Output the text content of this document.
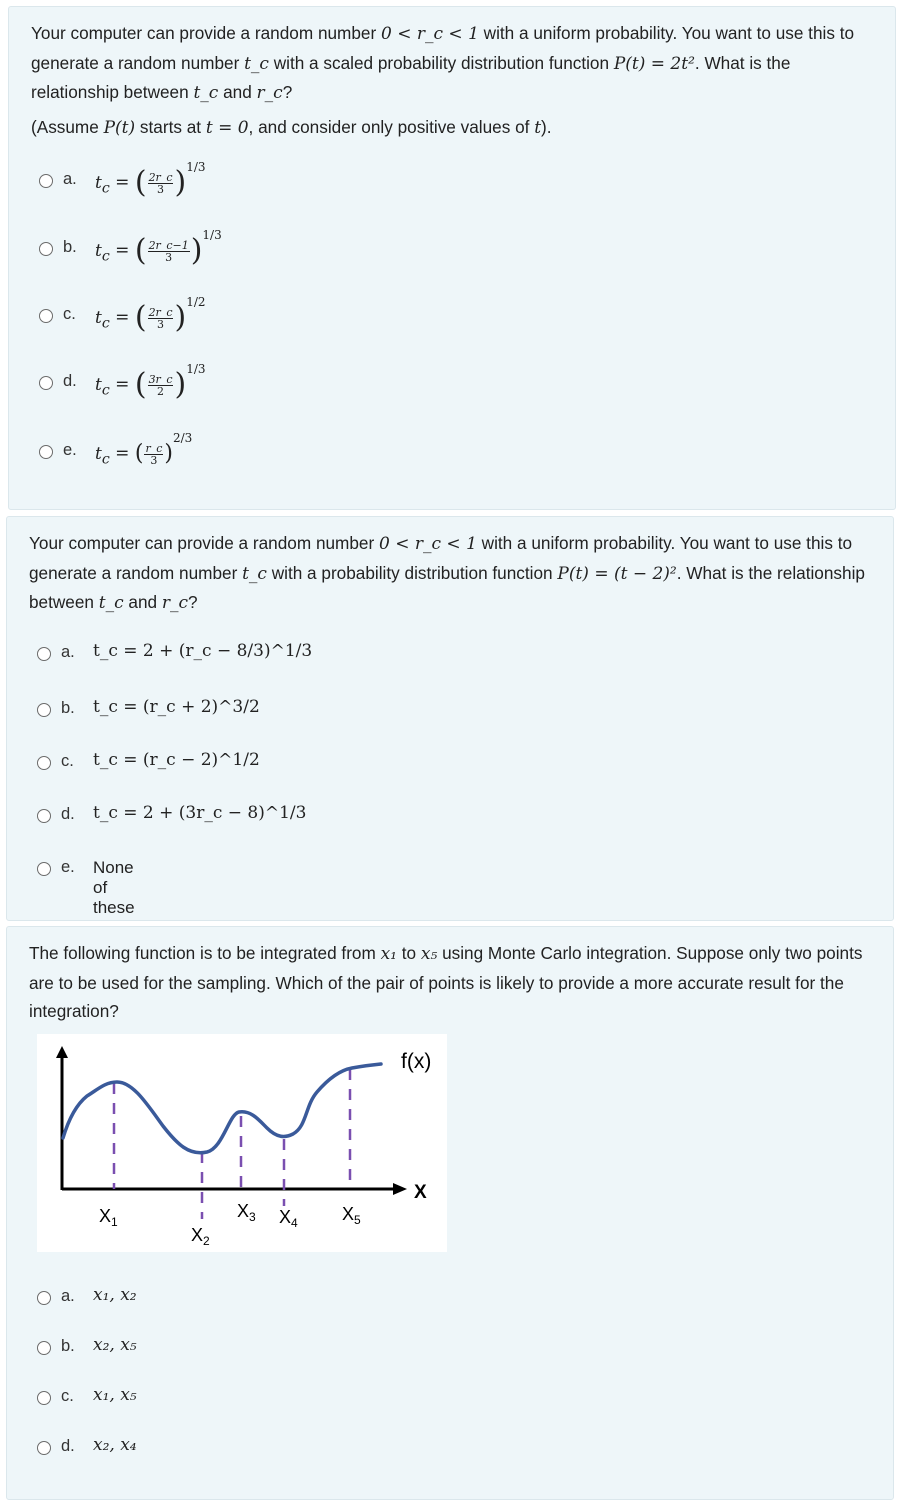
Your computer can provide a random number 0 < r_c < 1 with a uniform probability. You want to use this to generate a random number t_c with a scaled probability distribution function P(t) = 2t². What is the relationship between t_c and r_c?
(Assume P(t) starts at t = 0, and consider only positive values of t).
a. $t_c$ = ( $\frac{2r\_c}{3} )^{1/3}$
b. $t_c$ = ( $\frac{2r\_c-1}{3} )^{1/3}$
c. $t_c$ = ( $\frac{2r\_c}{3} )^{1/2}$
d. $t_c$ = ( $\frac{3r\_c}{2} )^{1/3}$
e. $t_c$ = ( $\frac{r\_c}{3} )^{2/3}$
Your computer can provide a random number 0 < r_c < 1 with a uniform probability. You want to use this to generate a random number t_c with a probability distribution function P(t) = (t − 2)². What is the relationship between t_c and r_c?
a. t_c = 2 + (r_c − 8/3)^1/3
b. t_c = (r_c + 2)^3/2
c. t_c = (r_c − 2)^1/2
d. t_c = 2 + (3r_c − 8)^1/3
e. None of these
The following function is to be integrated from x₁ to x₅ using Monte Carlo integration. Suppose only two points are to be used for the sampling. Which of the pair of points is likely to provide a more accurate result for the integration?
f(x)
X
$X_1$
$X_2$
$X_3$ $X_4$ $X_5$
a. x₁, x₂
b. x₂, x₅
c. x₁, x₅
d. x₂, x₄
